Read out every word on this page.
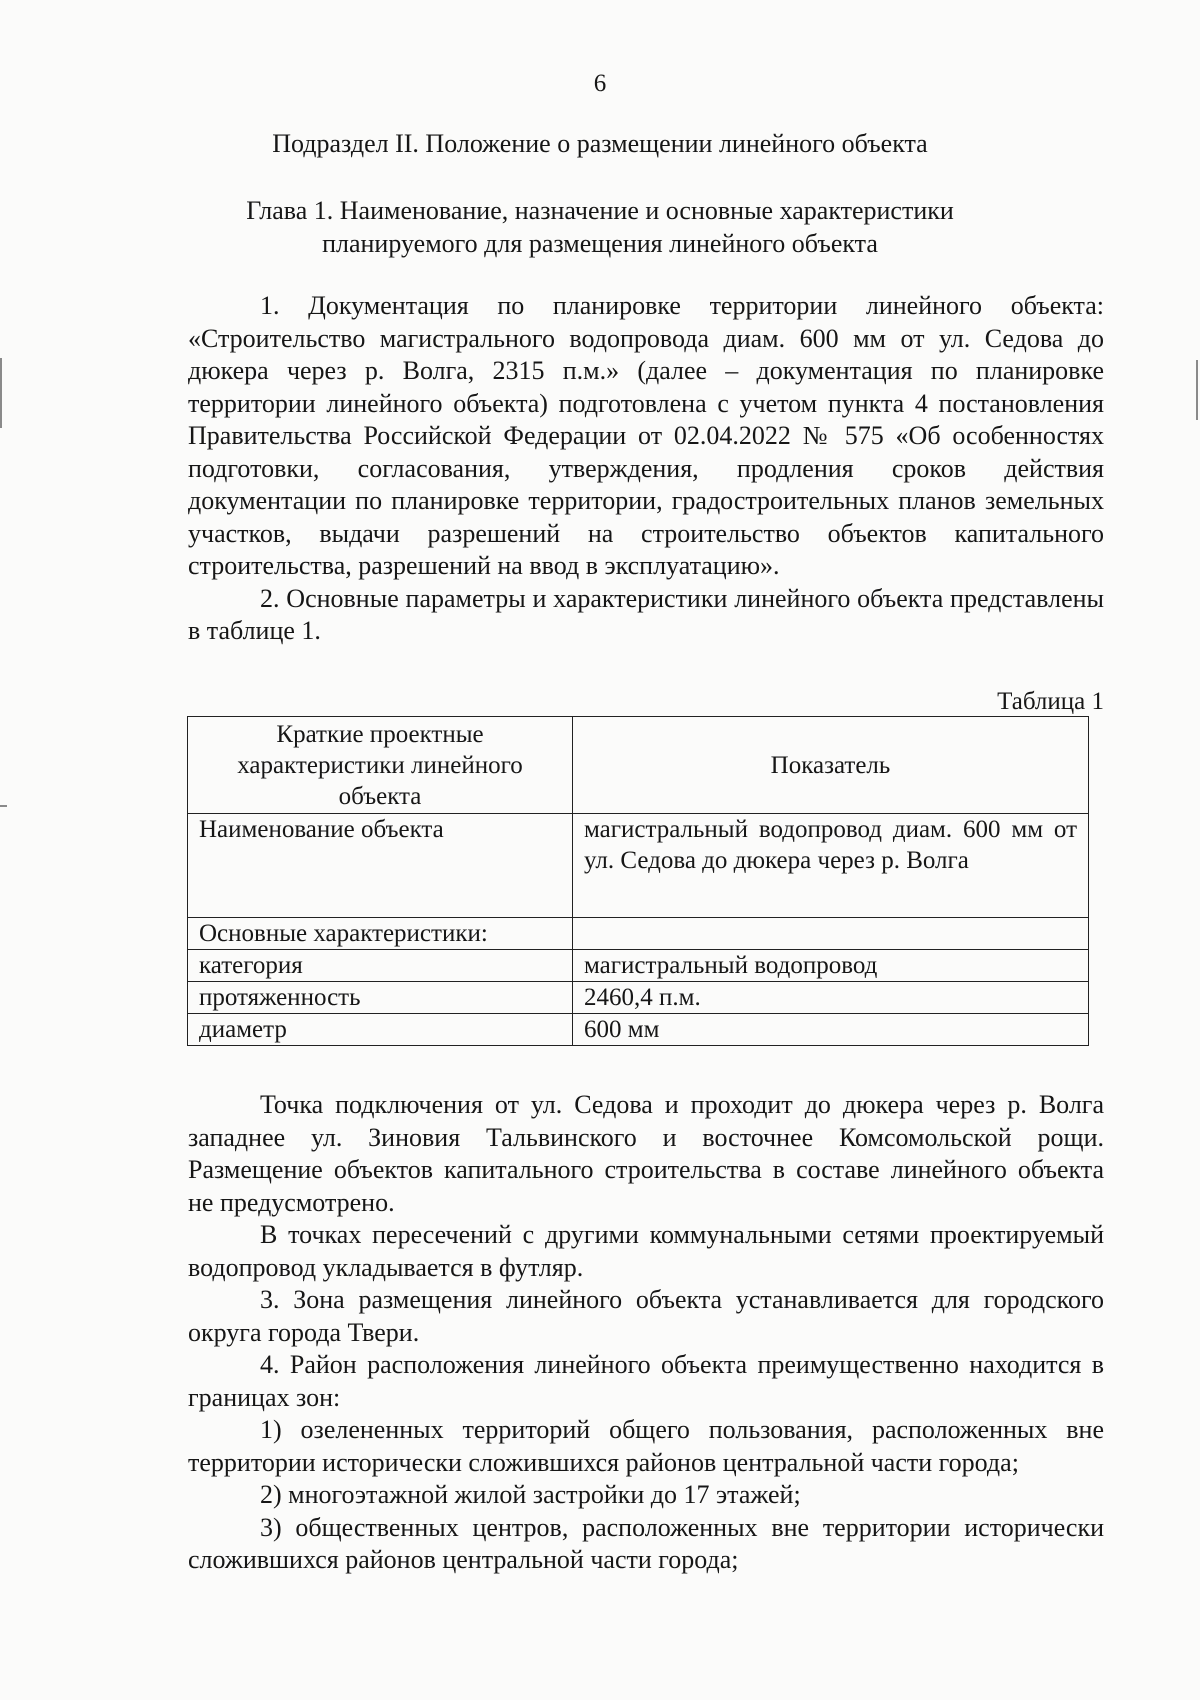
6
Подраздел II. Положение о размещении линейного объекта
Глава 1. Наименование, назначение и основные характеристики
планируемого для размещения линейного объекта

1. Документация по планировке территории линейного объекта: «Строительство магистрального водопровода диам. 600 мм от ул. Седова до дюкера через р. Волга, 2315 п.м.» (далее – документация по планировке территории линейного объекта) подготовлена с учетом пункта 4 постановления Правительства Российской Федерации от 02.04.2022 № 575 «Об особенностях подготовки, согласования, утверждения, продления сроков действия документации по планировке территории, градостроительных планов земельных участков, выдачи разрешений на строительство объектов капитального строительства, разрешений на ввод в эксплуатацию».

2. Основные параметры и характеристики линейного объекта представлены в таблице 1.

Таблица 1
Краткие проектные характеристики линейного объекта	Показатель
Наименование объекта	магистральный водопровод диам. 600 мм от ул. Седова до дюкера через р. Волга
Основные характеристики:	
категория	магистральный водопровод
протяженность	2460,4 п.м.
диаметр	600 мм

Точка подключения от ул. Седова и проходит до дюкера через р. Волга западнее ул. Зиновия Тальвинского и восточнее Комсомольской рощи. Размещение объектов капитального строительства в составе линейного объекта не предусмотрено.

В точках пересечений с другими коммунальными сетями проектируемый водопровод укладывается в футляр.

3. Зона размещения линейного объекта устанавливается для городского округа города Твери.

4. Район расположения линейного объекта преимущественно находится в границах зон:

1) озелененных территорий общего пользования, расположенных вне территории исторически сложившихся районов центральной части города;

2) многоэтажной жилой застройки до 17 этажей;

3) общественных центров, расположенных вне территории исторически сложившихся районов центральной части города;
